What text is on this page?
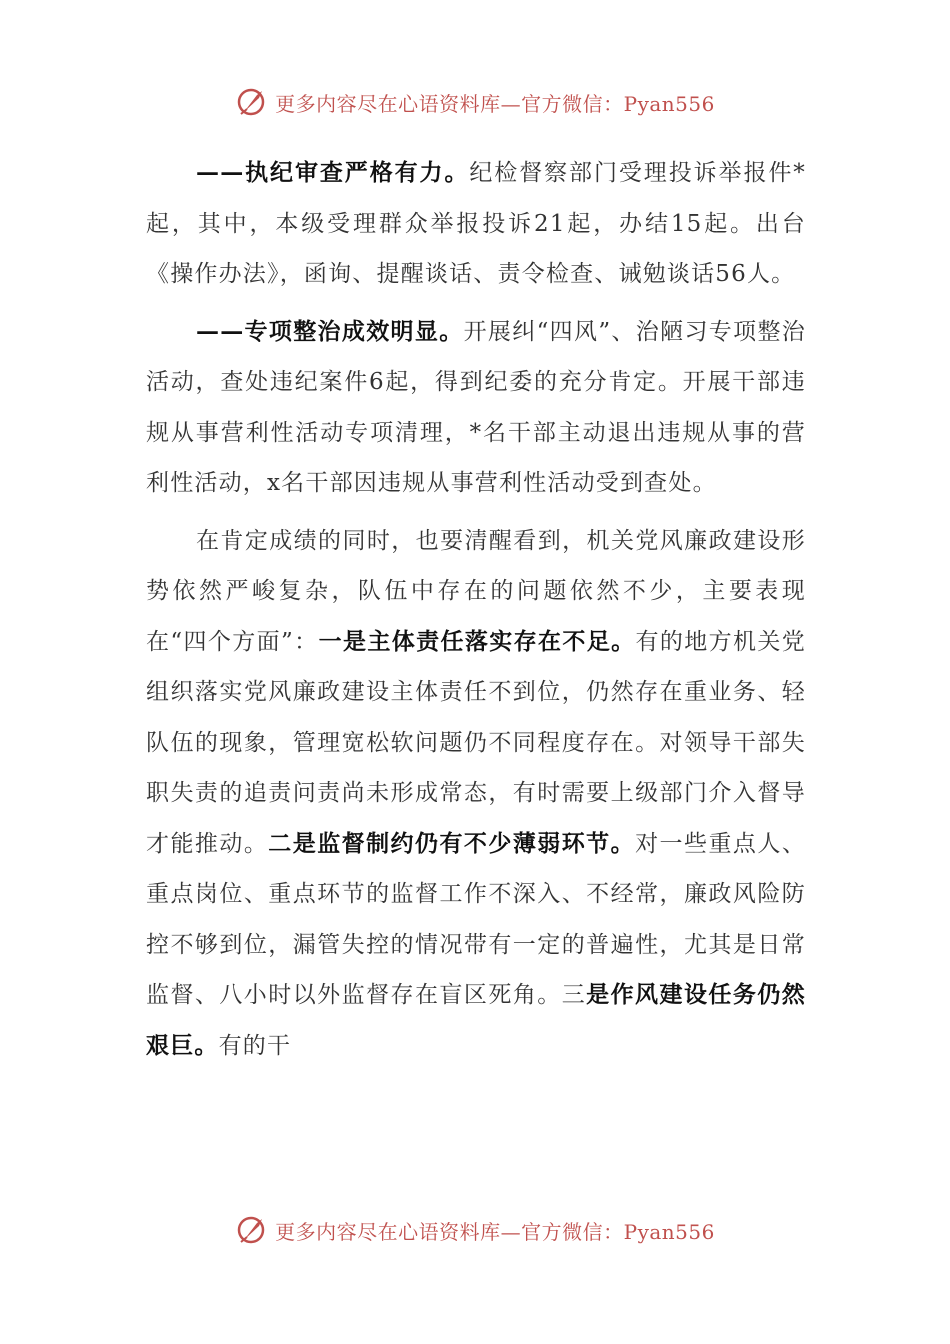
更多内容尽在心语资料库—官方微信：Pyan556

——执纪审查严格有力。纪检督察部门受理投诉举报件*起，其中，本级受理群众举报投诉21起，办结15起。出台《操作办法》，函询、提醒谈话、责令检查、诫勉谈话56人。

——专项整治成效明显。开展纠“四风”、治陋习专项整治活动，查处违纪案件6起，得到纪委的充分肯定。开展干部违规从事营利性活动专项清理，*名干部主动退出违规从事的营利性活动，x名干部因违规从事营利性活动受到查处。

在肯定成绩的同时，也要清醒看到，机关党风廉政建设形势依然严峻复杂，队伍中存在的问题依然不少，主要表现在“四个方面”：一是主体责任落实存在不足。有的地方机关党组织落实党风廉政建设主体责任不到位，仍然存在重业务、轻队伍的现象，管理宽松软问题仍不同程度存在。对领导干部失职失责的追责问责尚未形成常态，有时需要上级部门介入督导才能推动。二是监督制约仍有不少薄弱环节。对一些重点人、重点岗位、重点环节的监督工作不深入、不经常，廉政风险防控不够到位，漏管失控的情况带有一定的普遍性，尤其是日常监督、八小时以外监督存在盲区死角。三是作风建设任务仍然艰巨。有的干

更多内容尽在心语资料库—官方微信：Pyan556
